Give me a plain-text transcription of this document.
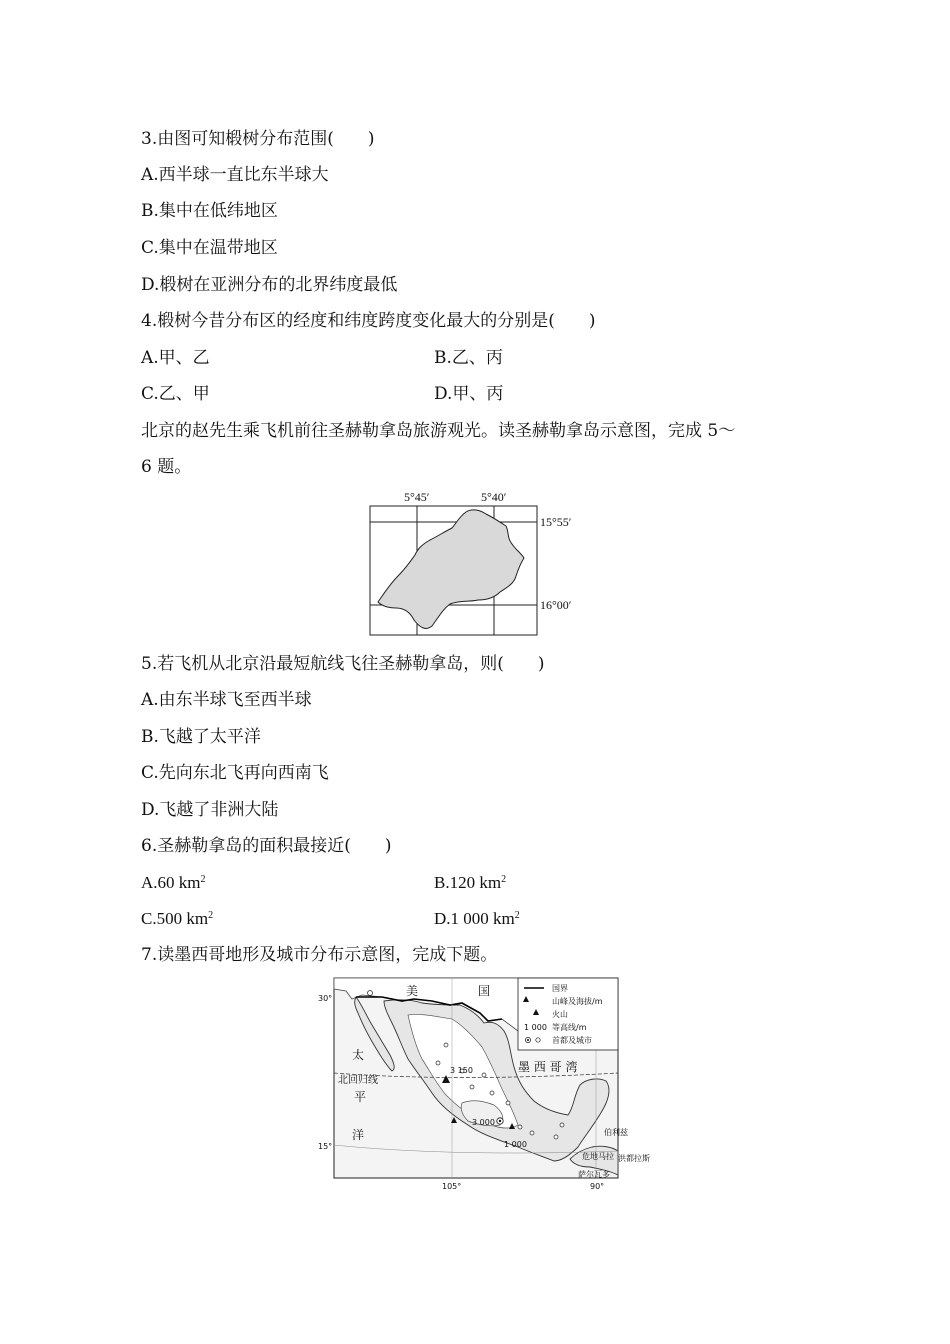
3.由图可知椴树分布范围(　　)
A.西半球一直比东半球大
B.集中在低纬地区
C.集中在温带地区
D.椴树在亚洲分布的北界纬度最低
4.椴树今昔分布区的经度和纬度跨度变化最大的分别是(　　)
A.甲、乙	B.乙、丙
C.乙、甲	D.甲、丙
北京的赵先生乘飞机前往圣赫勒拿岛旅游观光。读圣赫勒拿岛示意图，完成 5～
6 题。
5°45′	5°40′
15°55′
16°00′
5.若飞机从北京沿最短航线飞往圣赫勒拿岛，则(　　)
A.由东半球飞至西半球
B.飞越了太平洋
C.先向东北飞再向西南飞
D.飞越了非洲大陆
6.圣赫勒拿岛的面积最接近(　　)
A.60 $km^2$	B.120 $km^2$
C.500 $km^2$	D.1 000 $km^2$
7.读墨西哥地形及城市分布示意图，完成下题。
美	国
太
平
洋
北回归线
墨 西 哥 湾
3 150
3 000
1 000
30°
15°
105°	90°
危地马拉
伯利兹
洪都拉斯
萨尔瓦多
国界
山峰及海拔/m
火山
1 000 等高线/m
首都及城市
